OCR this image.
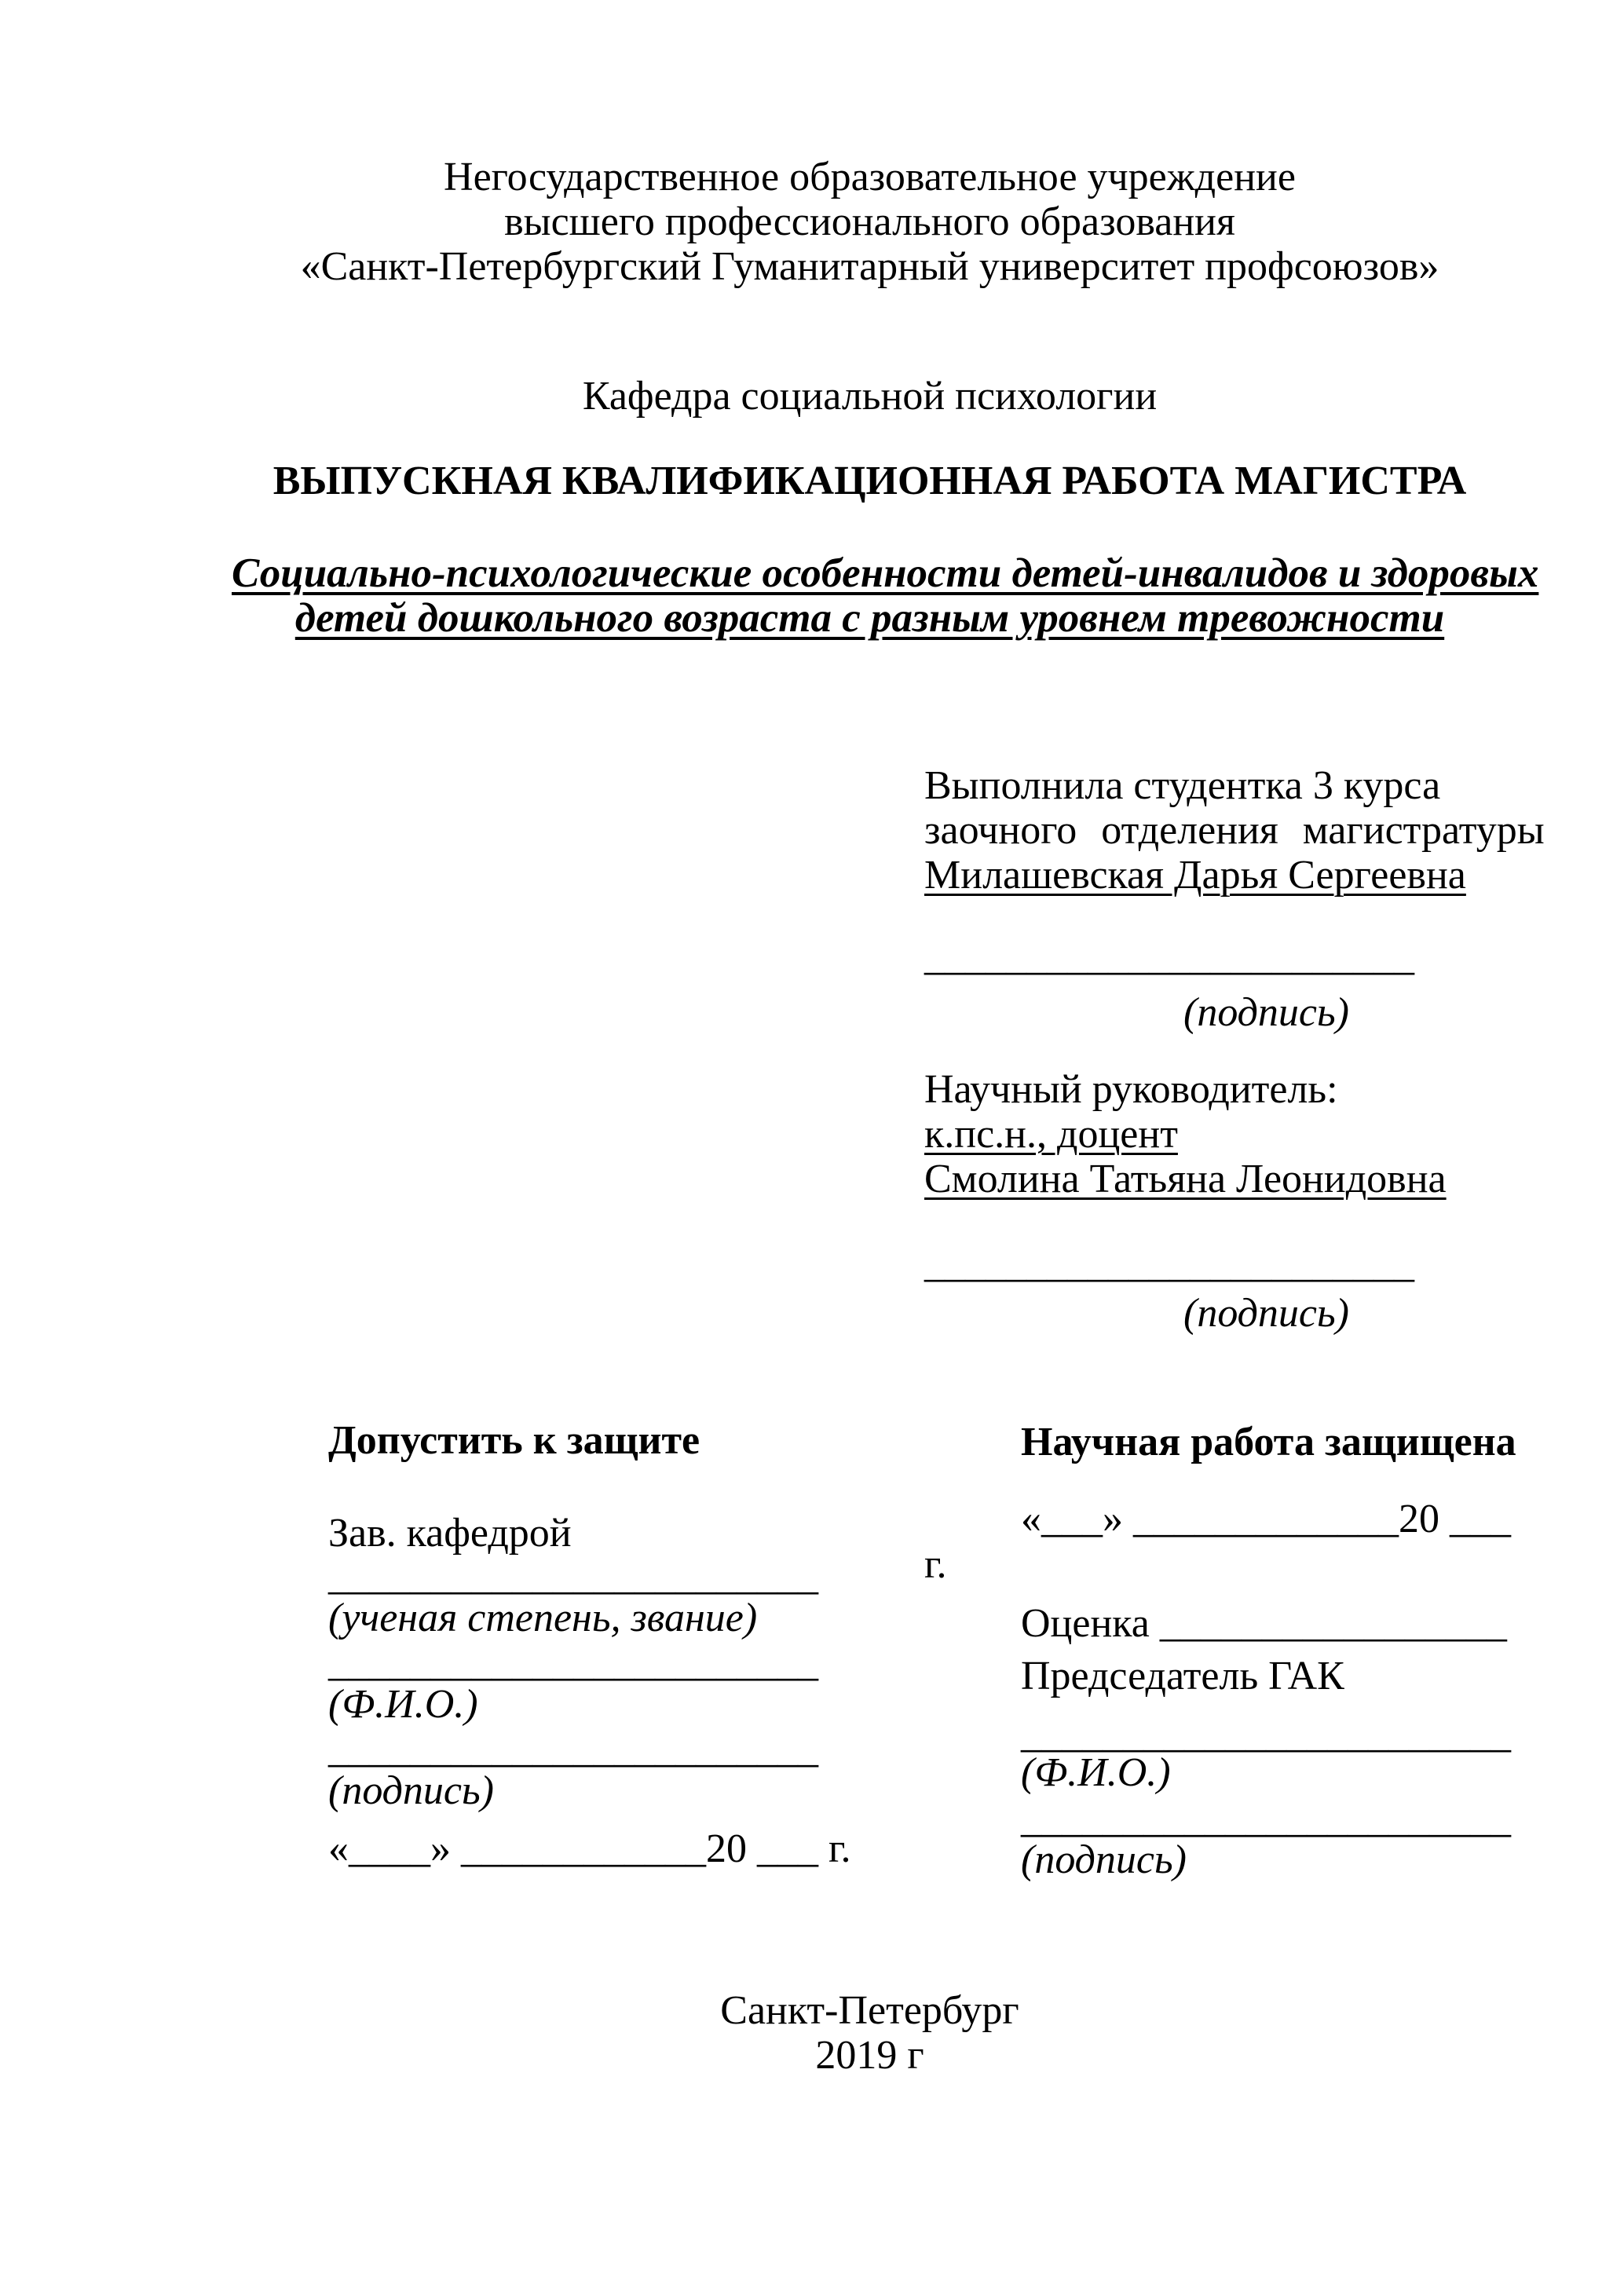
Негосударственное образовательное учреждение
высшего профессионального образования
«Санкт-Петербургский Гуманитарный университет профсоюзов»
Кафедра социальной психологии
ВЫПУСКНАЯ КВАЛИФИКАЦИОННАЯ РАБОТА МАГИСТРА
Социально-психологические особенности детей-инвалидов и здоровых
детей дошкольного возраста с разным уровнем тревожности
Выполнила студентка 3 курса
заочного отделения магистратуры
Милашевская Дарья Сергеевна
________________________
(подпись)
Научный руководитель:
к.пс.н., доцент
Смолина Татьяна Леонидовна
________________________
(подпись)
Допустить к защите
Зав. кафедрой
________________________
(ученая степень, звание)
________________________
(Ф.И.О.)
________________________
(подпись)
«____» ____________20 ___ г.
Научная работа защищена
«___» _____________20 ___
г.
Оценка _________________
Председатель ГАК
________________________
(Ф.И.О.)
________________________
(подпись)
Санкт-Петербург
2019 г
